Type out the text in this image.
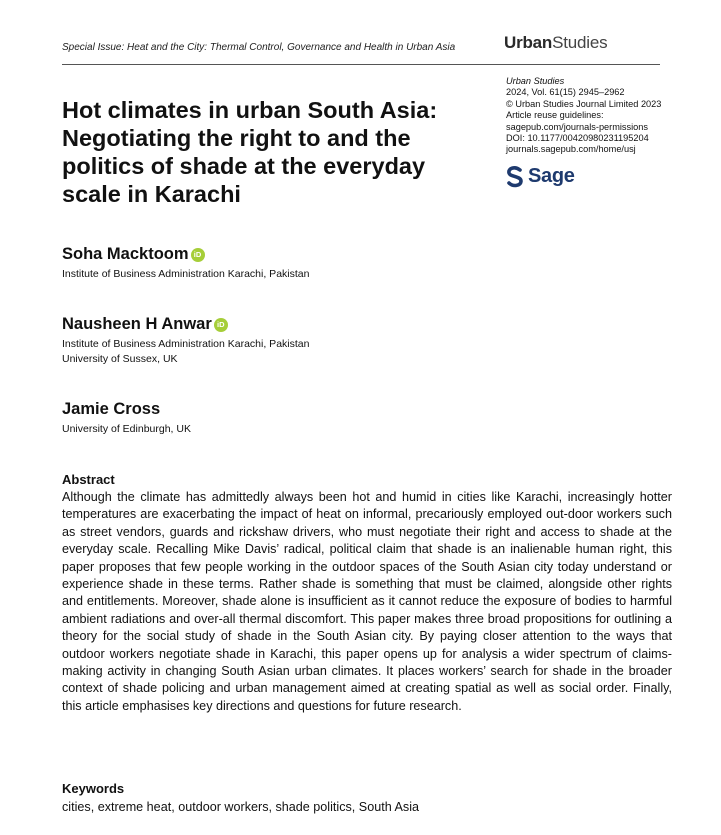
Special Issue: Heat and the City: Thermal Control, Governance and Health in Urban Asia	UrbanStudies
Urban Studies
2024, Vol. 61(15) 2945–2962
© Urban Studies Journal Limited 2023
Article reuse guidelines:
sagepub.com/journals-permissions
DOI: 10.1177/00420980231195204
journals.sagepub.com/home/usj
Sage
Hot climates in urban South Asia:
Negotiating the right to and the
politics of shade at the everyday
scale in Karachi
Soha Macktoom iD
Institute of Business Administration Karachi, Pakistan
Nausheen H Anwar iD
Institute of Business Administration Karachi, Pakistan
University of Sussex, UK
Jamie Cross
University of Edinburgh, UK
Abstract
Although the climate has admittedly always been hot and humid in cities like Karachi, increasingly hotter temperatures are exacerbating the impact of heat on informal, precariously employed out-door workers such as street vendors, guards and rickshaw drivers, who must negotiate their right and access to shade at the everyday scale. Recalling Mike Davis’ radical, political claim that shade is an inalienable human right, this paper proposes that few people working in the outdoor spaces of the South Asian city today understand or experience shade in these terms. Rather shade is something that must be claimed, alongside other rights and entitlements. Moreover, shade alone is insufficient as it cannot reduce the exposure of bodies to harmful ambient radiations and over-all thermal discomfort. This paper makes three broad propositions for outlining a theory for the social study of shade in the South Asian city. By paying closer attention to the ways that outdoor workers negotiate shade in Karachi, this paper opens up for analysis a wider spectrum of claims-making activity in changing South Asian urban climates. It places workers’ search for shade in the broader context of shade policing and urban management aimed at creating spatial as well as social order. Finally, this article emphasises key directions and questions for future research.
Keywords
cities, extreme heat, outdoor workers, shade politics, South Asia
